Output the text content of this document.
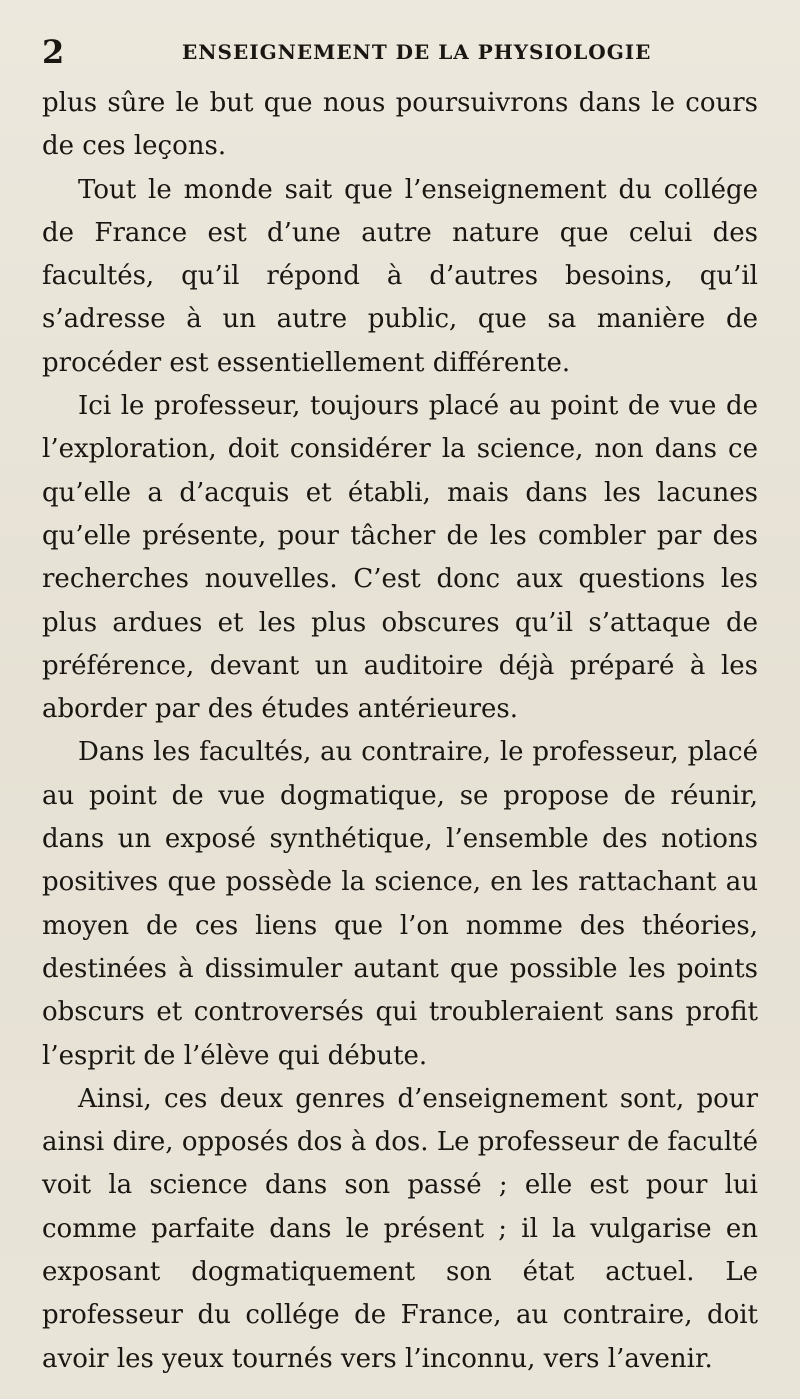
2	ENSEIGNEMENT DE LA PHYSIOLOGIE

plus sûre le but que nous poursuivrons dans le cours de ces leçons.

Tout le monde sait que l’enseignement du collége de France est d’une autre nature que celui des facultés, qu’il répond à d’autres besoins, qu’il s’adresse à un autre public, que sa manière de procéder est essentiellement différente.

Ici le professeur, toujours placé au point de vue de l’exploration, doit considérer la science, non dans ce qu’elle a d’acquis et établi, mais dans les lacunes qu’elle présente, pour tâcher de les combler par des recherches nouvelles. C’est donc aux questions les plus ardues et les plus obscures qu’il s’attaque de préférence, devant un auditoire déjà préparé à les aborder par des études antérieures.

Dans les facultés, au contraire, le professeur, placé au point de vue dogmatique, se propose de réunir, dans un exposé synthétique, l’ensemble des notions positives que possède la science, en les rattachant au moyen de ces liens que l’on nomme des théories, destinées à dissimuler autant que possible les points obscurs et controversés qui troubleraient sans profit l’esprit de l’élève qui débute.

Ainsi, ces deux genres d’enseignement sont, pour ainsi dire, opposés dos à dos. Le professeur de faculté voit la science dans son passé ; elle est pour lui comme parfaite dans le présent ; il la vulgarise en exposant dogmatiquement son état actuel. Le professeur du collége de France, au contraire, doit avoir les yeux tournés vers l’inconnu, vers l’avenir.
